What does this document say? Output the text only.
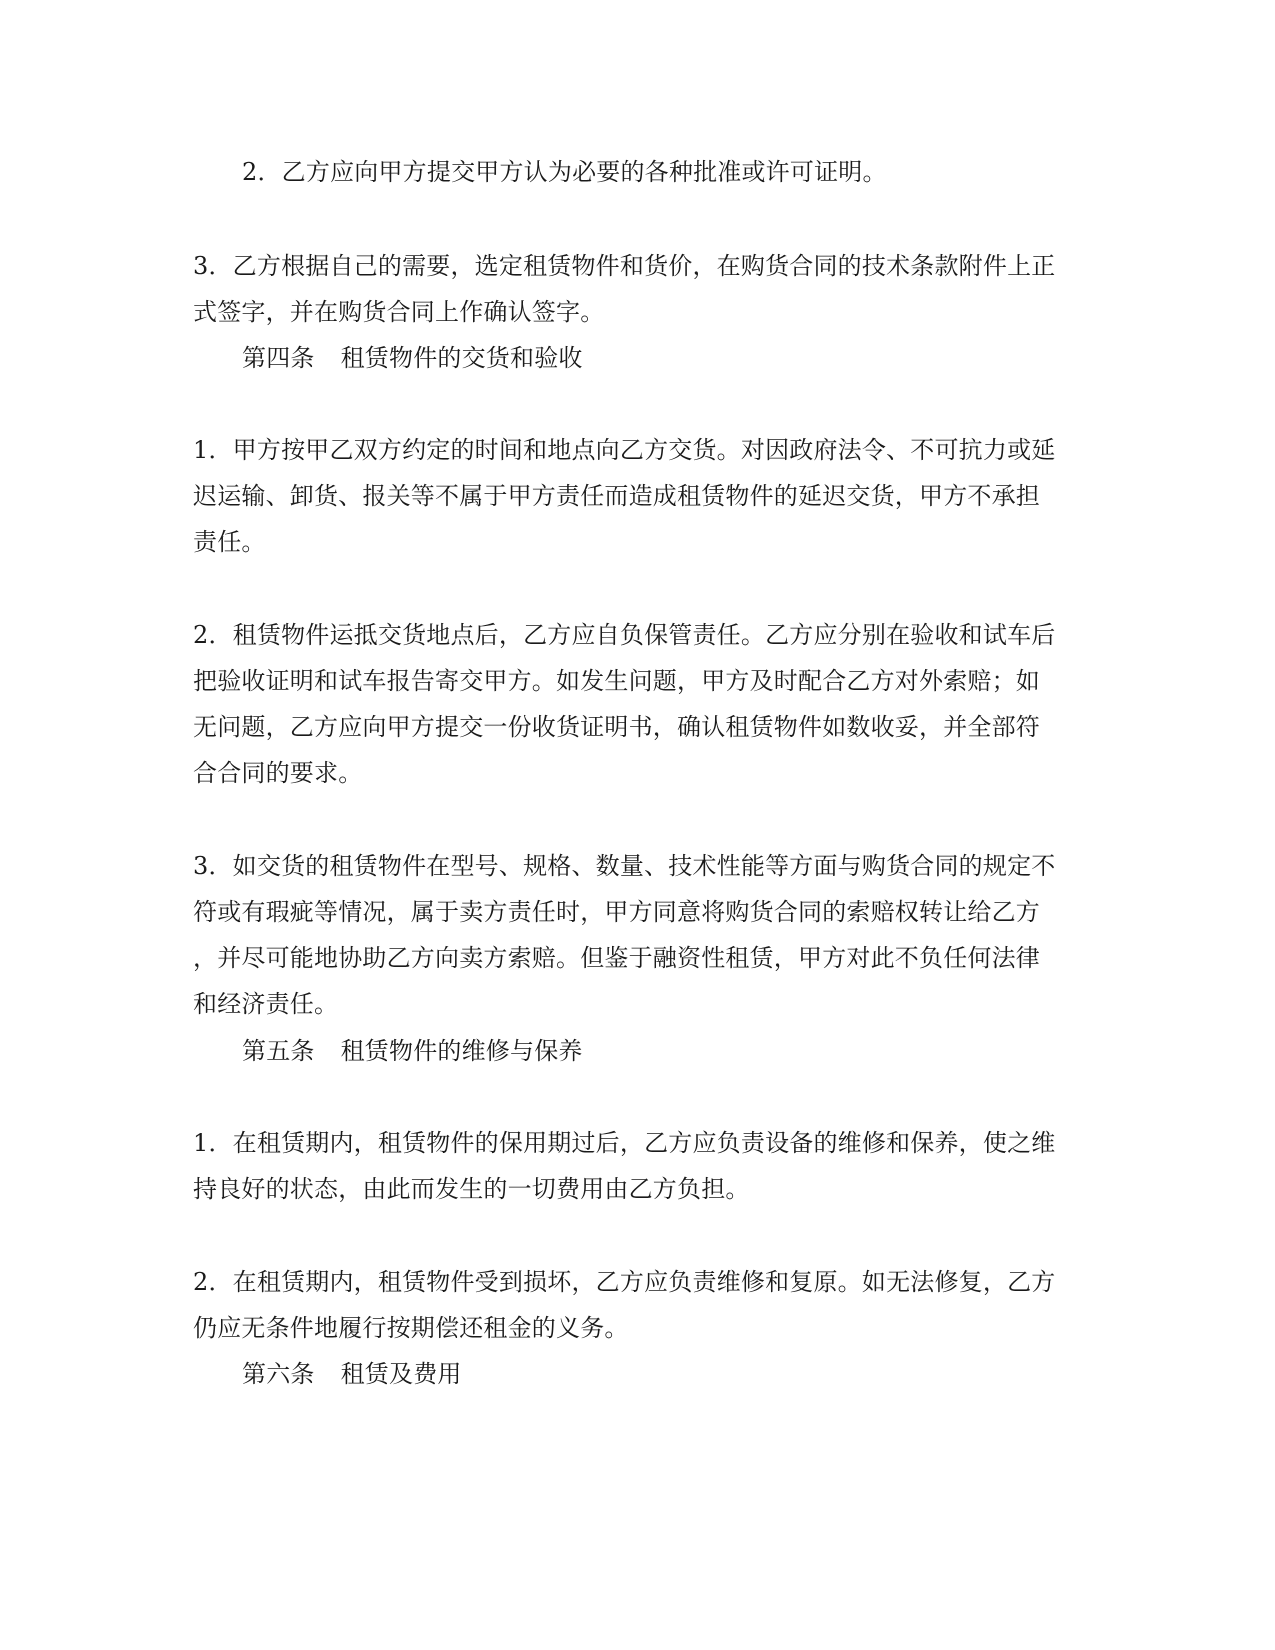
2．乙方应向甲方提交甲方认为必要的各种批准或许可证明。
3．乙方根据自己的需要，选定租赁物件和货价，在购货合同的技术条款附件上正
式签字，并在购货合同上作确认签字。
第四条 租赁物件的交货和验收
1．甲方按甲乙双方约定的时间和地点向乙方交货。对因政府法令、不可抗力或延
迟运输、卸货、报关等不属于甲方责任而造成租赁物件的延迟交货，甲方不承担
责任。
2．租赁物件运抵交货地点后，乙方应自负保管责任。乙方应分别在验收和试车后
把验收证明和试车报告寄交甲方。如发生问题，甲方及时配合乙方对外索赔；如
无问题，乙方应向甲方提交一份收货证明书，确认租赁物件如数收妥，并全部符
合合同的要求。
3．如交货的租赁物件在型号、规格、数量、技术性能等方面与购货合同的规定不
符或有瑕疵等情况，属于卖方责任时，甲方同意将购货合同的索赔权转让给乙方
，并尽可能地协助乙方向卖方索赔。但鉴于融资性租赁，甲方对此不负任何法律
和经济责任。
第五条 租赁物件的维修与保养
1．在租赁期内，租赁物件的保用期过后，乙方应负责设备的维修和保养，使之维
持良好的状态，由此而发生的一切费用由乙方负担。
2．在租赁期内，租赁物件受到损坏，乙方应负责维修和复原。如无法修复，乙方
仍应无条件地履行按期偿还租金的义务。
第六条 租赁及费用
